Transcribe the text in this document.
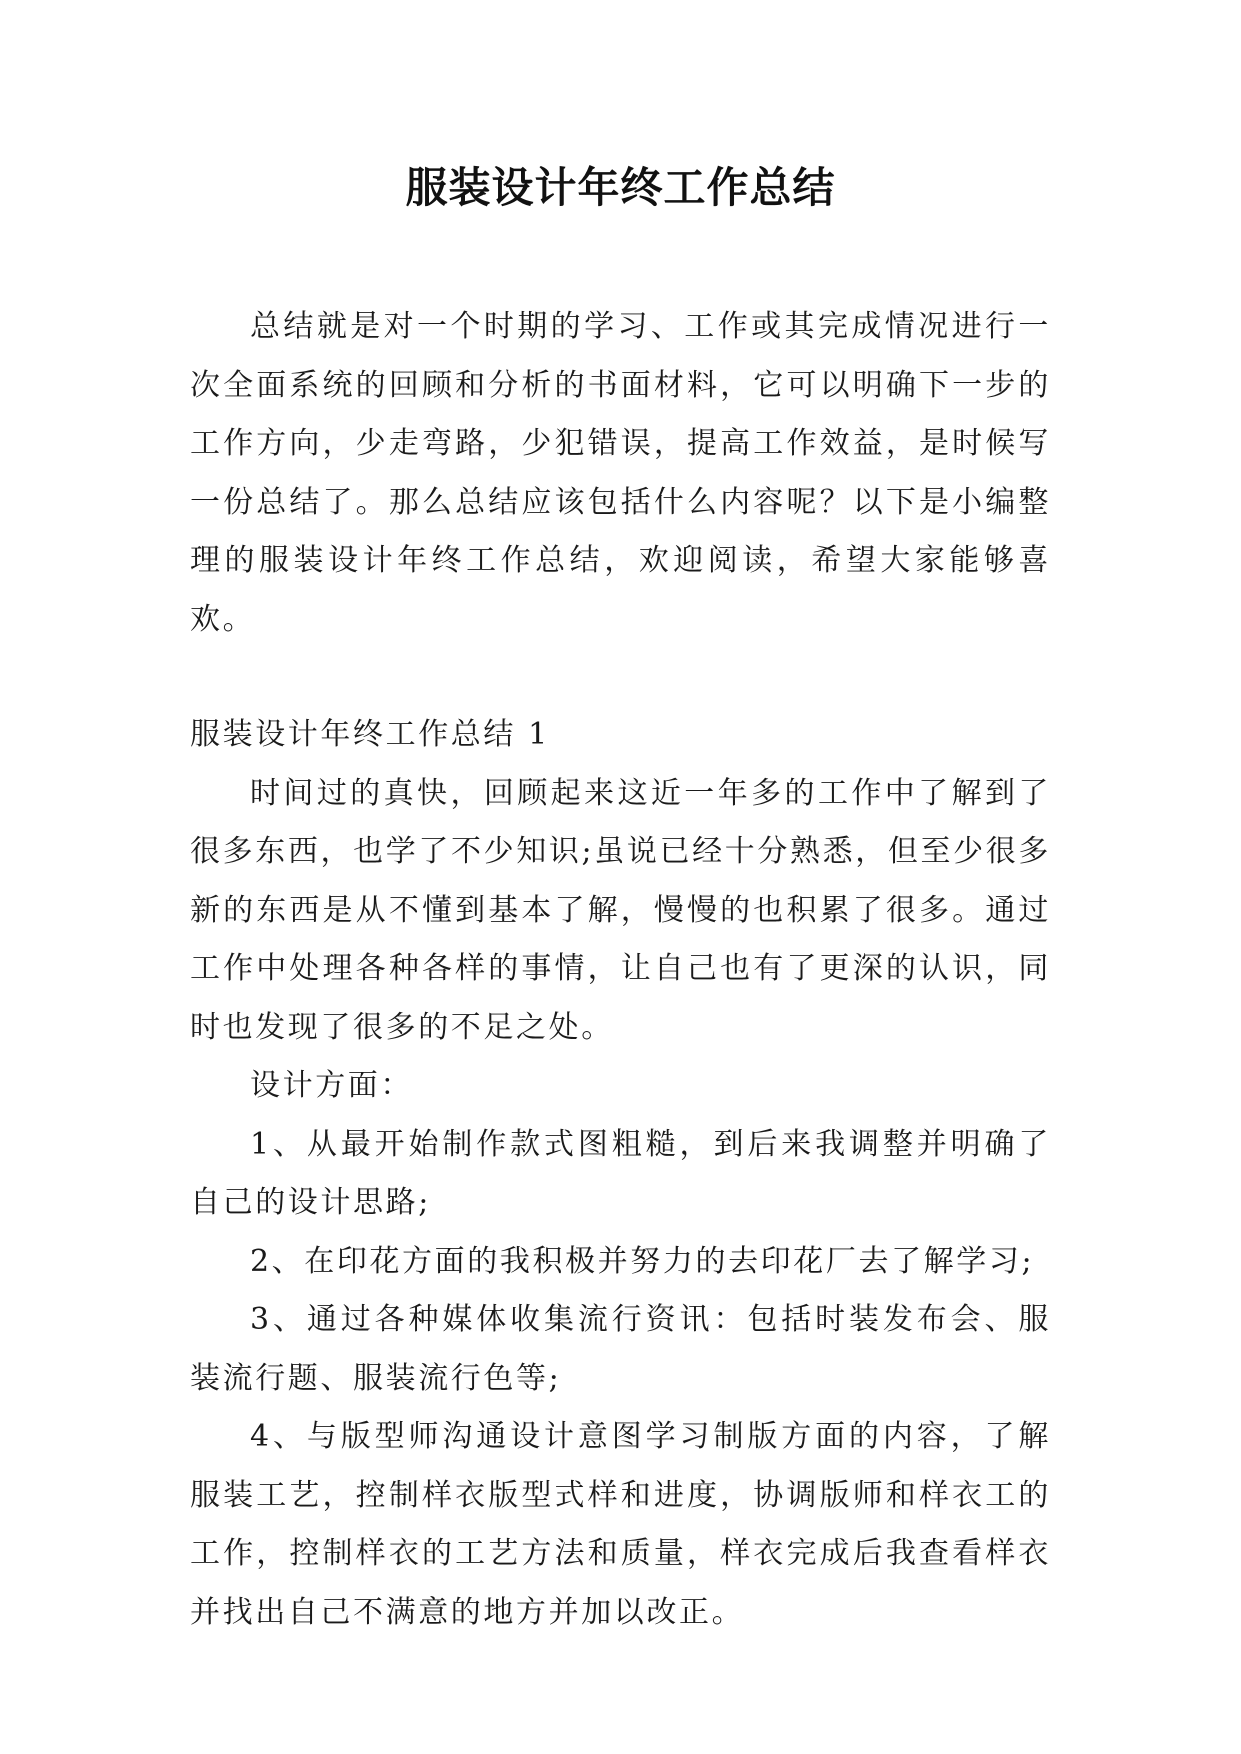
服装设计年终工作总结

总结就是对一个时期的学习、工作或其完成情况进行一次全面系统的回顾和分析的书面材料，它可以明确下一步的工作方向，少走弯路，少犯错误，提高工作效益，是时候写一份总结了。那么总结应该包括什么内容呢？以下是小编整理的服装设计年终工作总结，欢迎阅读，希望大家能够喜欢。

服装设计年终工作总结 1

时间过的真快，回顾起来这近一年多的工作中了解到了很多东西，也学了不少知识;虽说已经十分熟悉，但至少很多新的东西是从不懂到基本了解，慢慢的也积累了很多。通过工作中处理各种各样的事情，让自己也有了更深的认识，同时也发现了很多的不足之处。

设计方面：

1、从最开始制作款式图粗糙，到后来我调整并明确了自己的设计思路;

2、在印花方面的我积极并努力的去印花厂去了解学习;

3、通过各种媒体收集流行资讯：包括时装发布会、服装流行题、服装流行色等;

4、与版型师沟通设计意图学习制版方面的内容，了解服装工艺，控制样衣版型式样和进度，协调版师和样衣工的工作，控制样衣的工艺方法和质量，样衣完成后我查看样衣并找出自己不满意的地方并加以改正。
